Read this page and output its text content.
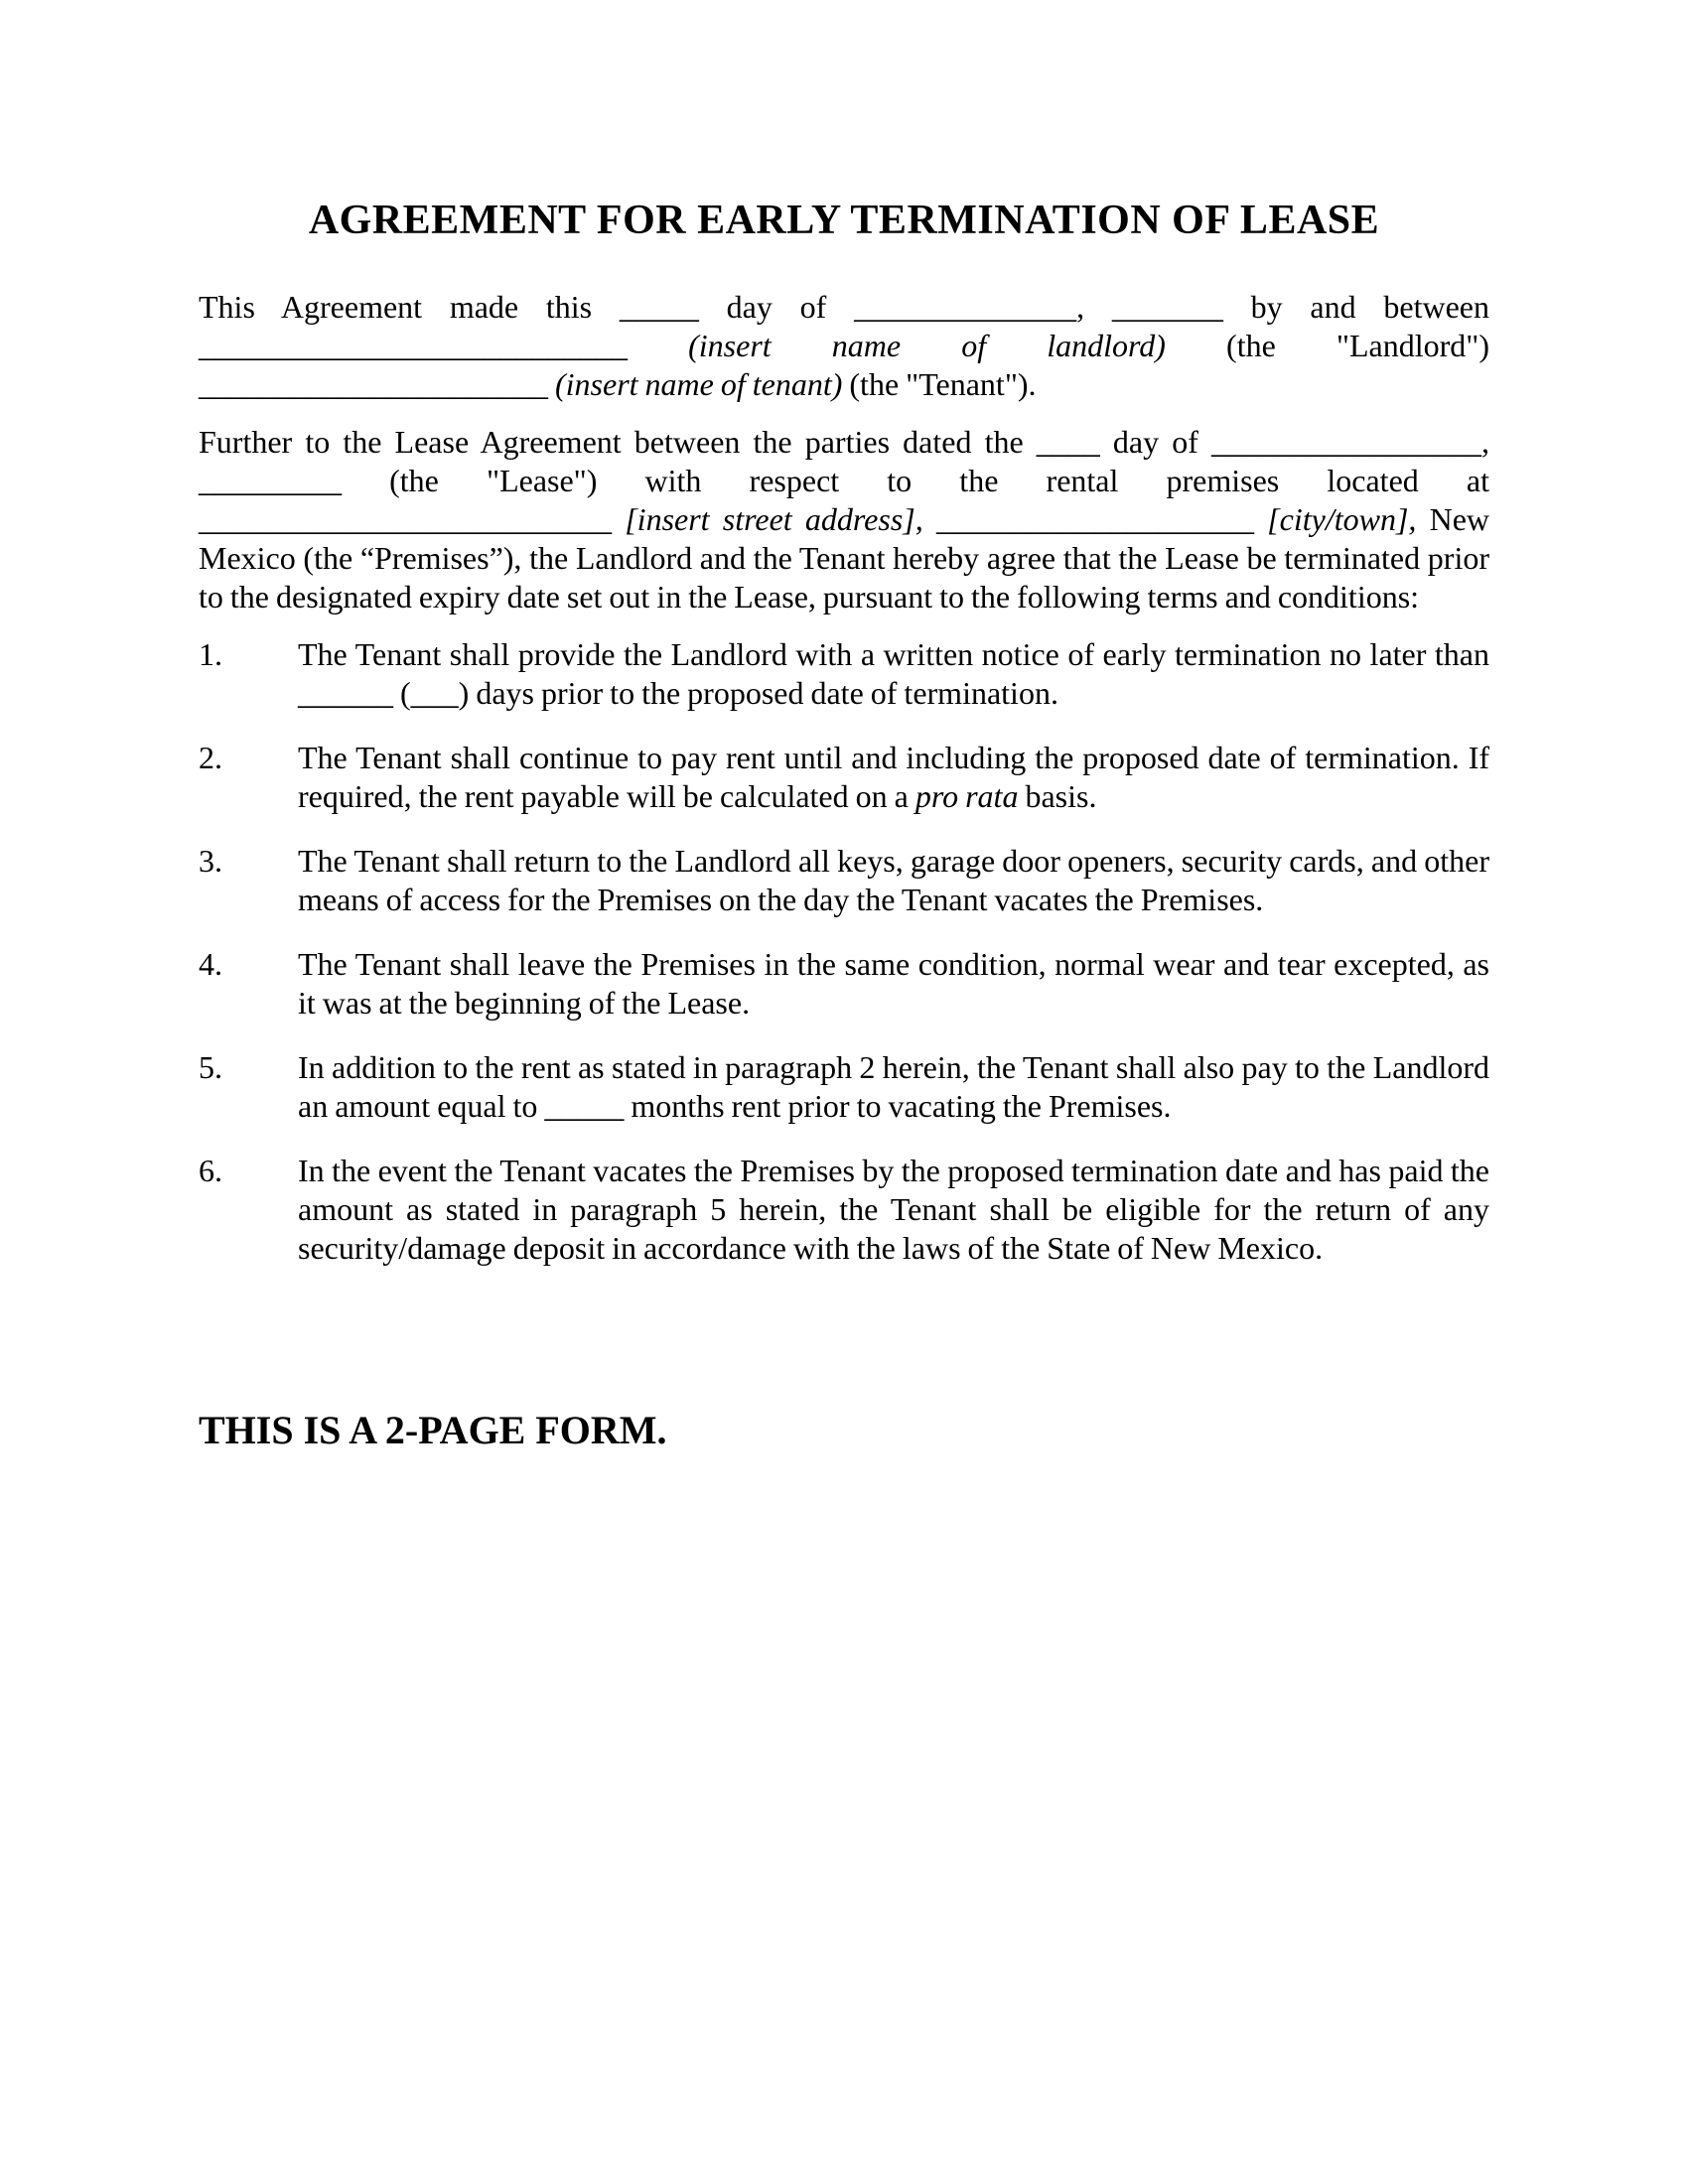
AGREEMENT FOR EARLY TERMINATION OF LEASE

This Agreement made this _____ day of ______________, _______ by and between ___________________________ (insert name of landlord) (the "Landlord") ______________________ (insert name of tenant) (the "Tenant").

Further to the Lease Agreement between the parties dated the ____ day of _________________, _________ (the "Lease") with respect to the rental premises located at __________________________ [insert street address], ____________________ [city/town], New Mexico (the “Premises”), the Landlord and the Tenant hereby agree that the Lease be terminated prior to the designated expiry date set out in the Lease, pursuant to the following terms and conditions:

1.	The Tenant shall provide the Landlord with a written notice of early termination no later than ______ (___) days prior to the proposed date of termination.
2.	The Tenant shall continue to pay rent until and including the proposed date of termination. If required, the rent payable will be calculated on a pro rata basis.
3.	The Tenant shall return to the Landlord all keys, garage door openers, security cards, and other means of access for the Premises on the day the Tenant vacates the Premises.
4.	The Tenant shall leave the Premises in the same condition, normal wear and tear excepted, as it was at the beginning of the Lease.
5.	In addition to the rent as stated in paragraph 2 herein, the Tenant shall also pay to the Landlord an amount equal to _____ months rent prior to vacating the Premises.
6.	In the event the Tenant vacates the Premises by the proposed termination date and has paid the amount as stated in paragraph 5 herein, the Tenant shall be eligible for the return of any security/damage deposit in accordance with the laws of the State of New Mexico.

THIS IS A 2-PAGE FORM.
